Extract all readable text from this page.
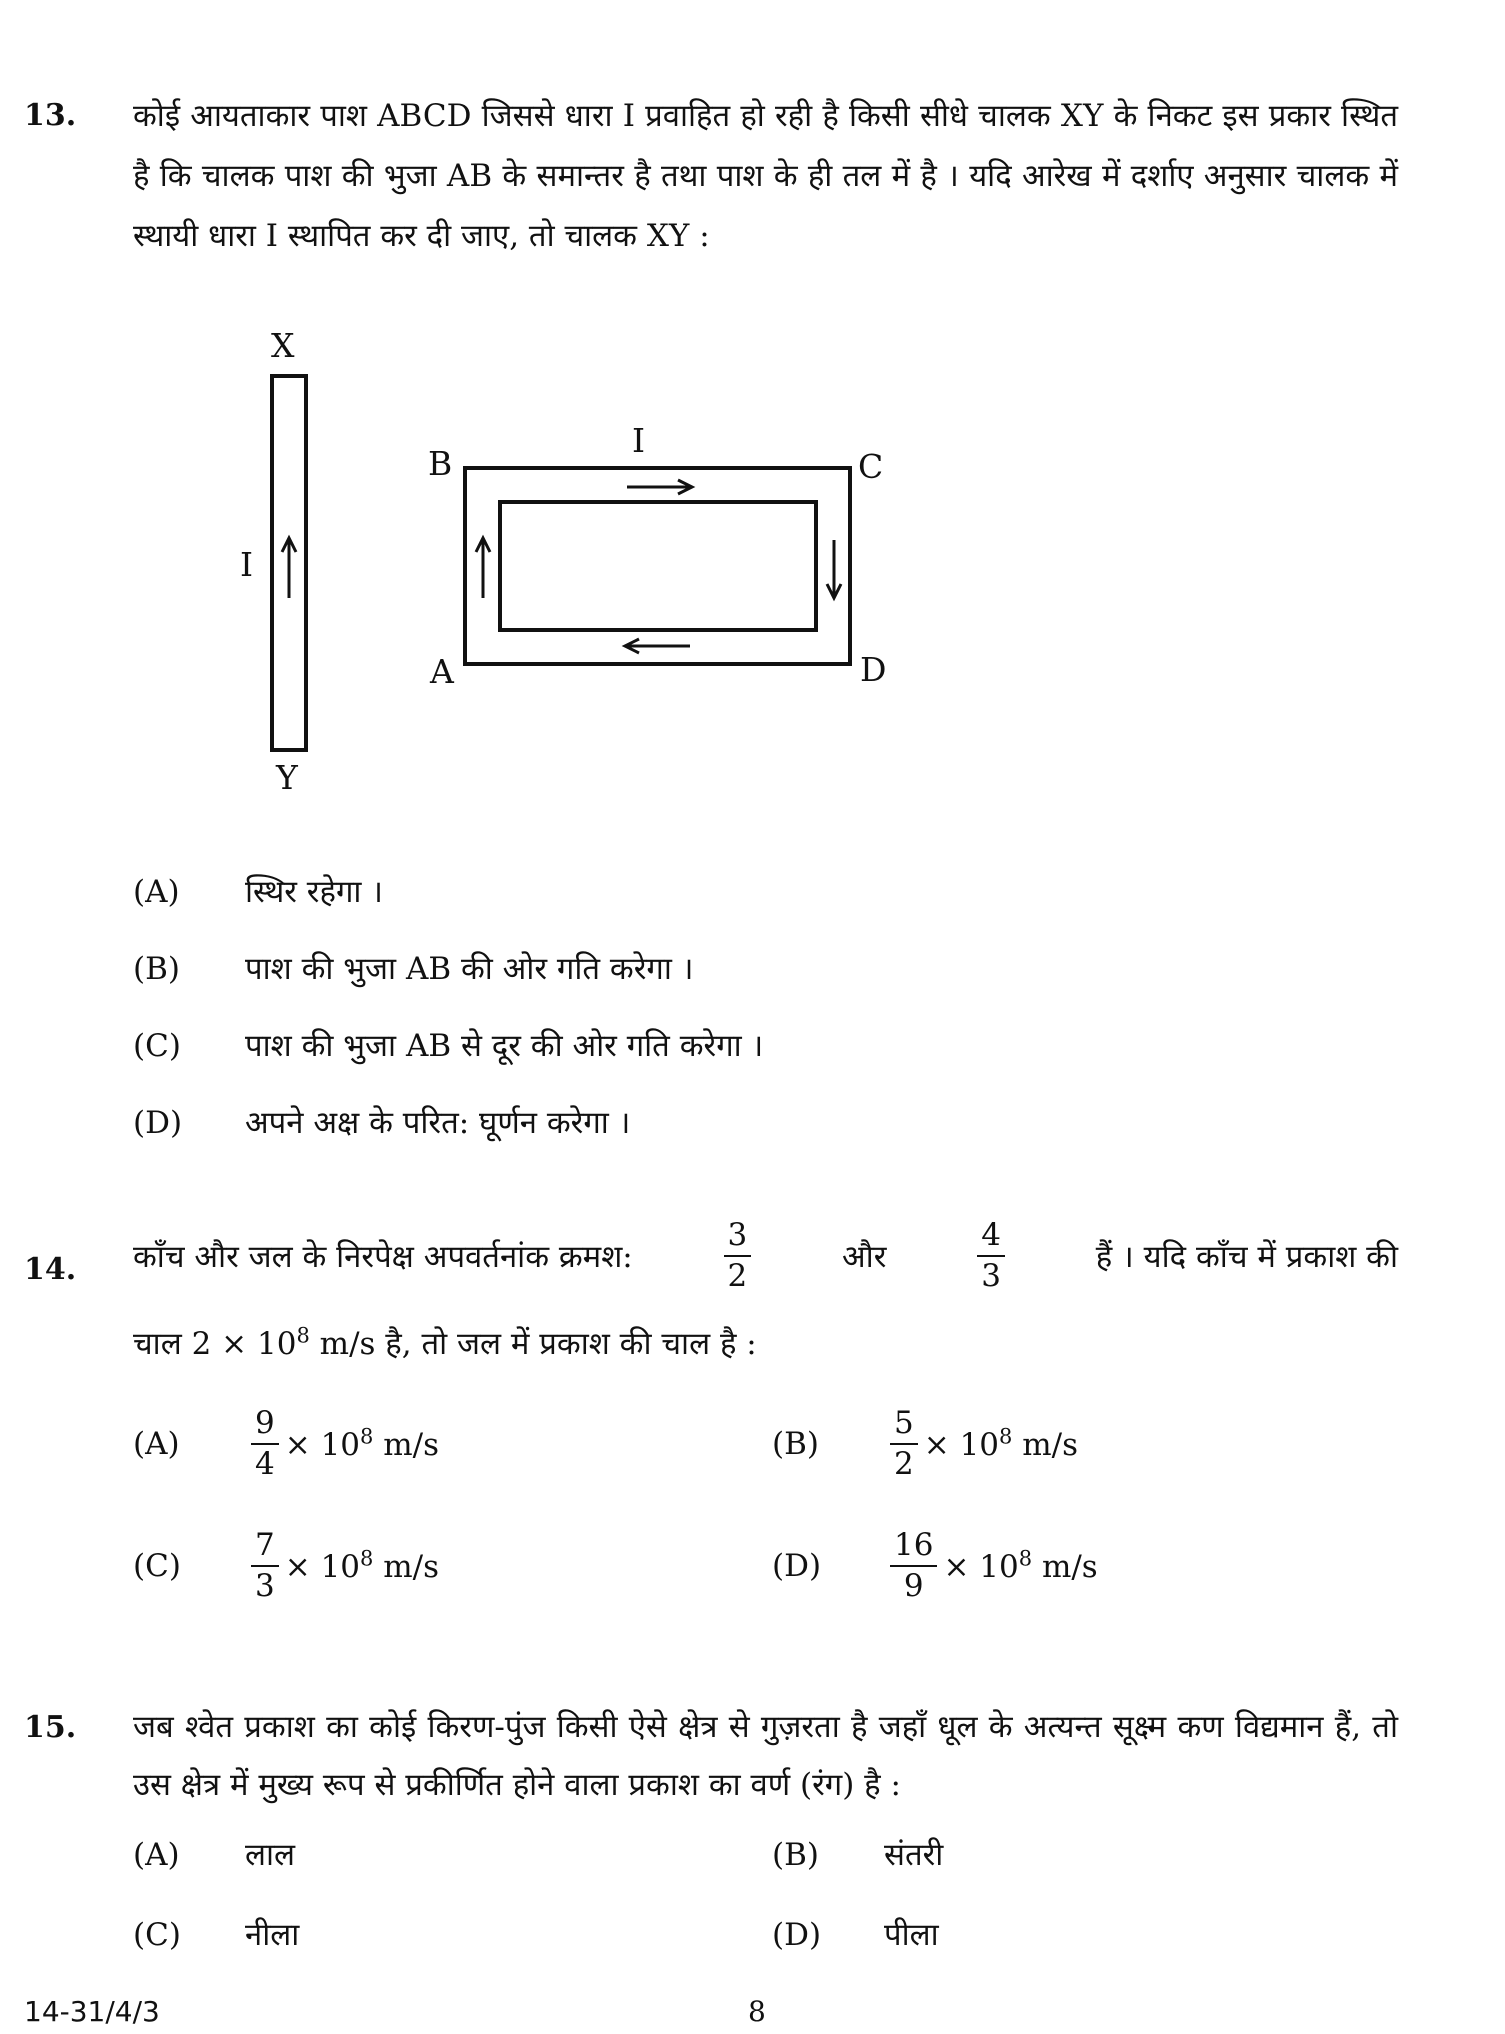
13. कोई आयताकार पाश ABCD जिससे धारा I प्रवाहित हो रही है किसी सीधे चालक XY के निकट इस प्रकार स्थित है कि चालक पाश की भुजा AB के समान्तर है तथा पाश के ही तल में है । यदि आरेख में दर्शाए अनुसार चालक में स्थायी धारा I स्थापित कर दी जाए, तो चालक XY :
X
Y
I
I
B	C
A	D
(A) स्थिर रहेगा ।
(B) पाश की भुजा AB की ओर गति करेगा ।
(C) पाश की भुजा AB से दूर की ओर गति करेगा ।
(D) अपने अक्ष के परित: घूर्णन करेगा ।
14. काँच और जल के निरपेक्ष अपवर्तनांक क्रमश:	$\frac{3}{2}$	और	$\frac{4}{3}$	हैं । यदि काँच में प्रकाश की
चाल $2 \times 10^8$ m/s है, तो जल में प्रकाश की चाल है :
$(A) \frac{9}{4} \times 10^8$ m/s	$(B) \frac{5}{2} \times 10^8$ m/s
$(C) \frac{7}{3} \times 10^8$ m/s	$(D) \frac{16}{9} \times 10^8$ m/s
15. जब श्वेत प्रकाश का कोई किरण-पुंज किसी ऐसे क्षेत्र से गुज़रता है जहाँ धूल के अत्यन्त सूक्ष्म कण विद्यमान हैं, तो उस क्षेत्र में मुख्य रूप से प्रकीर्णित होने वाला प्रकाश का वर्ण (रंग) है :
(A) लाल	(B) संतरी
(C) नीला	(D) पीला
14-31/4/3	8
